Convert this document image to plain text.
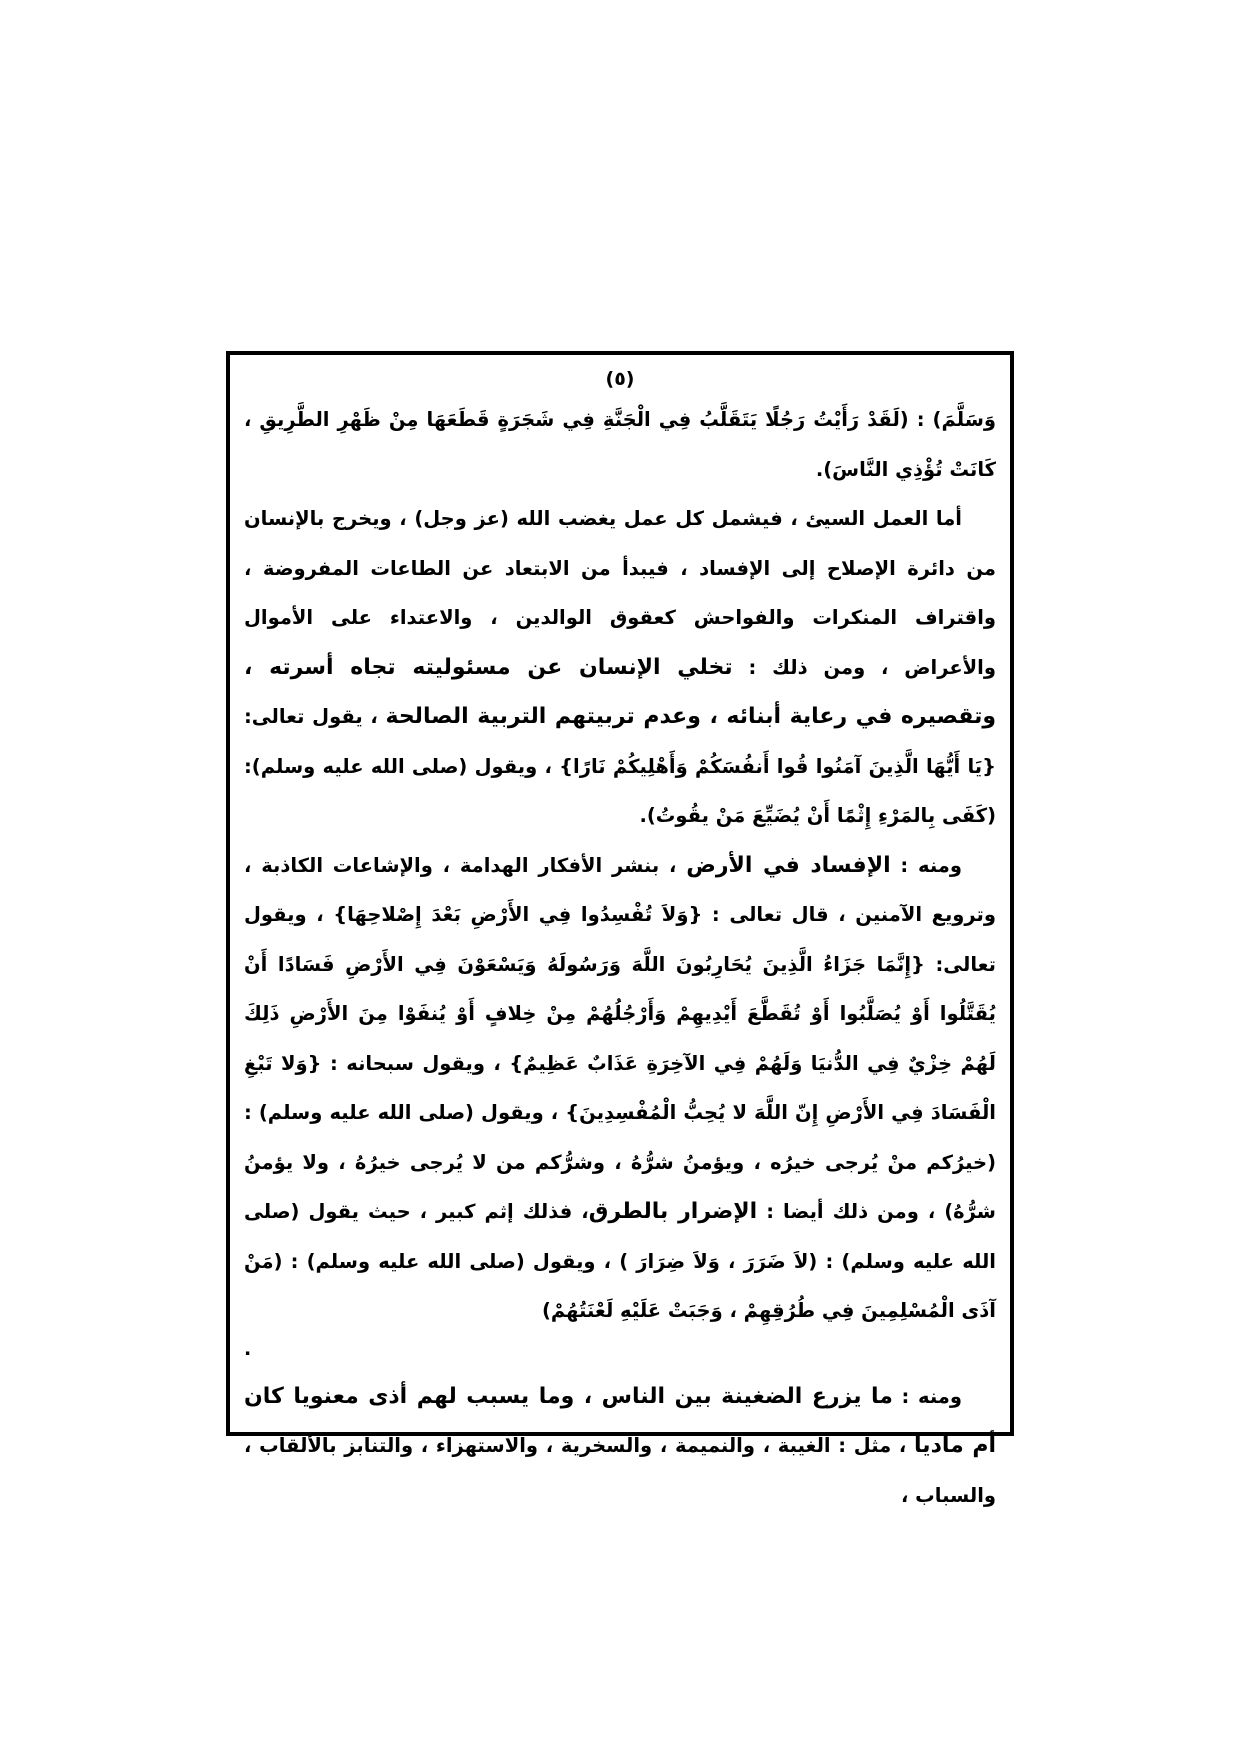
(٥)

وَسَلَّمَ) : (لَقَدْ رَأَيْتُ رَجُلًا يَتَقَلَّبُ فِي الْجَنَّةِ فِي شَجَرَةٍ قَطَعَهَا مِنْ ظَهْرِ الطَّرِيقِ ، كَانَتْ تُؤْذِي النَّاسَ).

أما العمل السيئ ، فيشمل كل عمل يغضب الله (عز وجل) ، ويخرج بالإنسان من دائرة الإصلاح إلى الإفساد ، فيبدأ من الابتعاد عن الطاعات المفروضة ، واقتراف المنكرات والفواحش كعقوق الوالدين ، والاعتداء على الأموال والأعراض ، ومن ذلك : تخلي الإنسان عن مسئوليته تجاه أسرته ، وتقصيره في رعاية أبنائه ، وعدم تربيتهم التربية الصالحة ، يقول تعالى: {يَا أَيُّهَا الَّذِينَ آمَنُوا قُوا أَنفُسَكُمْ وَأَهْلِيكُمْ نَارًا} ، ويقول (صلى الله عليه وسلم): (كَفَى بِالمَرْءِ إِثْمًا أَنْ يُضَيِّعَ مَنْ يقُوتُ).

ومنه : الإفساد في الأرض ، بنشر الأفكار الهدامة ، والإشاعات الكاذبة ، وترويع الآمنين ، قال تعالى : {وَلاَ تُفْسِدُوا فِي الأَرْضِ بَعْدَ إِصْلاحِهَا} ، ويقول تعالى: {إِنَّمَا جَزَاءُ الَّذِينَ يُحَارِبُونَ اللَّهَ وَرَسُولَهُ وَيَسْعَوْنَ فِي الأَرْضِ فَسَادًا أَنْ يُقَتَّلُوا أَوْ يُصَلَّبُوا أَوْ تُقَطَّعَ أَيْدِيهِمْ وَأَرْجُلُهُمْ مِنْ خِلافٍ أَوْ يُنفَوْا مِنَ الأَرْضِ ذَلِكَ لَهُمْ خِزْيٌ فِي الدُّنيَا وَلَهُمْ فِي الآخِرَةِ عَذَابٌ عَظِيمٌ} ، ويقول سبحانه : {وَلا تَبْغِ الْفَسَادَ فِي الأَرْضِ إِنّ اللَّهَ لا يُحِبُّ الْمُفْسِدِينَ} ، ويقول (صلى الله عليه وسلم) : (خيرُكم منْ يُرجى خيرُه ، ويؤمنُ شرُّهُ ، وشرُّكم من لا يُرجى خيرُهُ ، ولا يؤمنُ شرُّهُ) ، ومن ذلك أيضا : الإضرار بالطرق، فذلك إثم كبير ، حيث يقول (صلى الله عليه وسلم) : (لاَ ضَرَرَ ، وَلاَ ضِرَارَ ) ، ويقول (صلى الله عليه وسلم) : (مَنْ آذَى الْمُسْلِمِينَ فِي طُرُقِهِمْ ، وَجَبَتْ عَلَيْهِ لَعْنَتُهُمْ)

.

ومنه : ما يزرع الضغينة بين الناس ، وما يسبب لهم أذى معنويا كان أم ماديا ، مثل : الغيبة ، والنميمة ، والسخرية ، والاستهزاء ، والتنابز بالألقاب ، والسباب ،
